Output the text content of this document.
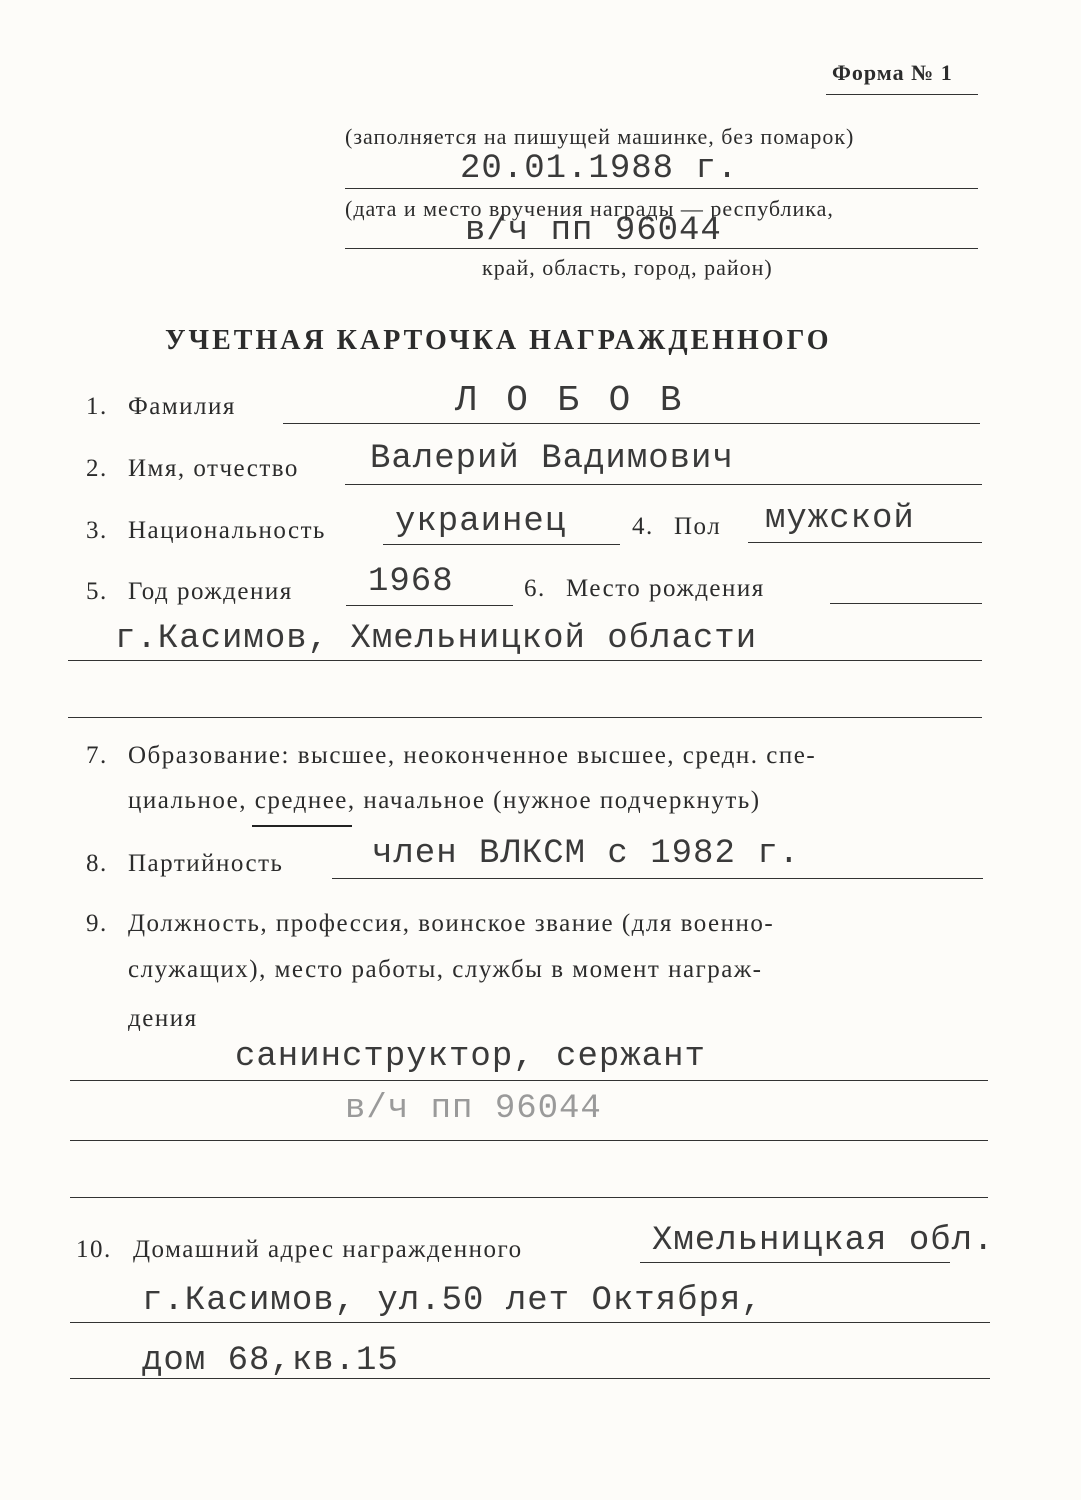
Форма № 1
(заполняется на пишущей машинке, без помарок)
20.01.1988 г.
(дата и место вручения награды — республика,
в/ч пп 96044
край, область, город, район)
УЧЕТНАЯ КАРТОЧКА НАГРАЖДЕННОГО
1. Фамилия	Л О Б О В
2. Имя, отчество Валерий Вадимович
3. Национальность украинец	4. Пол мужской
5. Год рождения 1968	6. Место рождения
г.Касимов, Хмельницкой области
7. Образование: высшее, неоконченное высшее, средн. спе-
циальное, среднее
, начальное (нужное подчеркнуть)
8. Партийность	член ВЛКСМ с 1982 г.
9. Должность, профессия, воинское звание (для военно-
служащих), место работы, службы в момент награж-
дения
санинструктор, сержант
в/ч пп 96044
10. Домашний адрес награжденного	Хмельницкая обл.
г.Касимов, ул.50 лет Октября,
дом 68,кв.15
